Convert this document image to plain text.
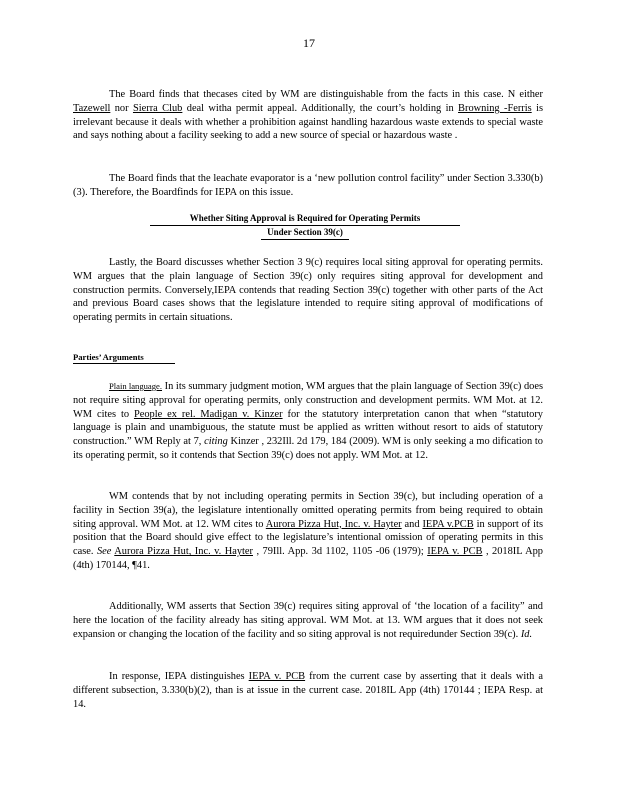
17

The Board finds that thecases cited by WM are distinguishable from the facts in this case. N either Tazewell nor Sierra Club deal witha permit appeal. Additionally, the court’s holding in Browning -Ferris is irrelevant because it deals with whether a prohibition against handling hazardous waste extends to special waste and says nothing about a facility seeking to add a new source of special or hazardous waste .

The Board finds that the leachate evaporator is a ‘new pollution control facility” under Section 3.330(b)(3). Therefore, the Boardfinds for IEPA on this issue.

Whether Siting Approval is Required for Operating Permits
Under Section 39(c)

Lastly, the Board discusses whether Section 3 9(c) requires local siting approval for operating permits. WM argues that the plain language of Section 39(c) only requires siting approval for development and construction permits. Conversely,IEPA contends that reading Section 39(c) together with other parts of the Act and previous Board cases shows that the legislature intended to require siting approval of modifications of operating permits in certain situations.

Parties’ Arguments

Plain language. In its summary judgment motion, WM argues that the plain language of Section 39(c) does not require siting approval for operating permits, only construction and development permits. WM Mot. at 12. WM cites to People ex rel. Madigan v. Kinzer for the statutory interpretation canon that when “statutory language is plain and unambiguous, the statute must be applied as written without resort to aids of statutory construction.” WM Reply at 7, citing Kinzer , 232Ill. 2d 179, 184 (2009). WM is only seeking a mo dification to its operating permit, so it contends that Section 39(c) does not apply. WM Mot. at 12.

WM contends that by not including operating permits in Section 39(c), but including operation of a facility in Section 39(a), the legislature intentionally omitted operating permits from being required to obtain siting approval. WM Mot. at 12. WM cites to Aurora Pizza Hut, Inc. v. Hayter and IEPA v.PCB in support of its position that the Board should give effect to the legislature’s intentional omission of operating permits in this case. See Aurora Pizza Hut, Inc. v. Hayter , 79Ill. App. 3d 1102, 1105 -06 (1979); IEPA v. PCB , 2018IL App (4th) 170144, ¶41.

Additionally, WM asserts that Section 39(c) requires siting approval of ‘the location of a facility” and here the location of the facility already has siting approval. WM Mot. at 13. WM argues that it does not seek expansion or changing the location of the facility and so siting approval is not requiredunder Section 39(c). Id.

In response, IEPA distinguishes IEPA v. PCB from the current case by asserting that it deals with a different subsection, 3.330(b)(2), than is at issue in the current case. 2018IL App (4th) 170144 ; IEPA Resp. at 14.
